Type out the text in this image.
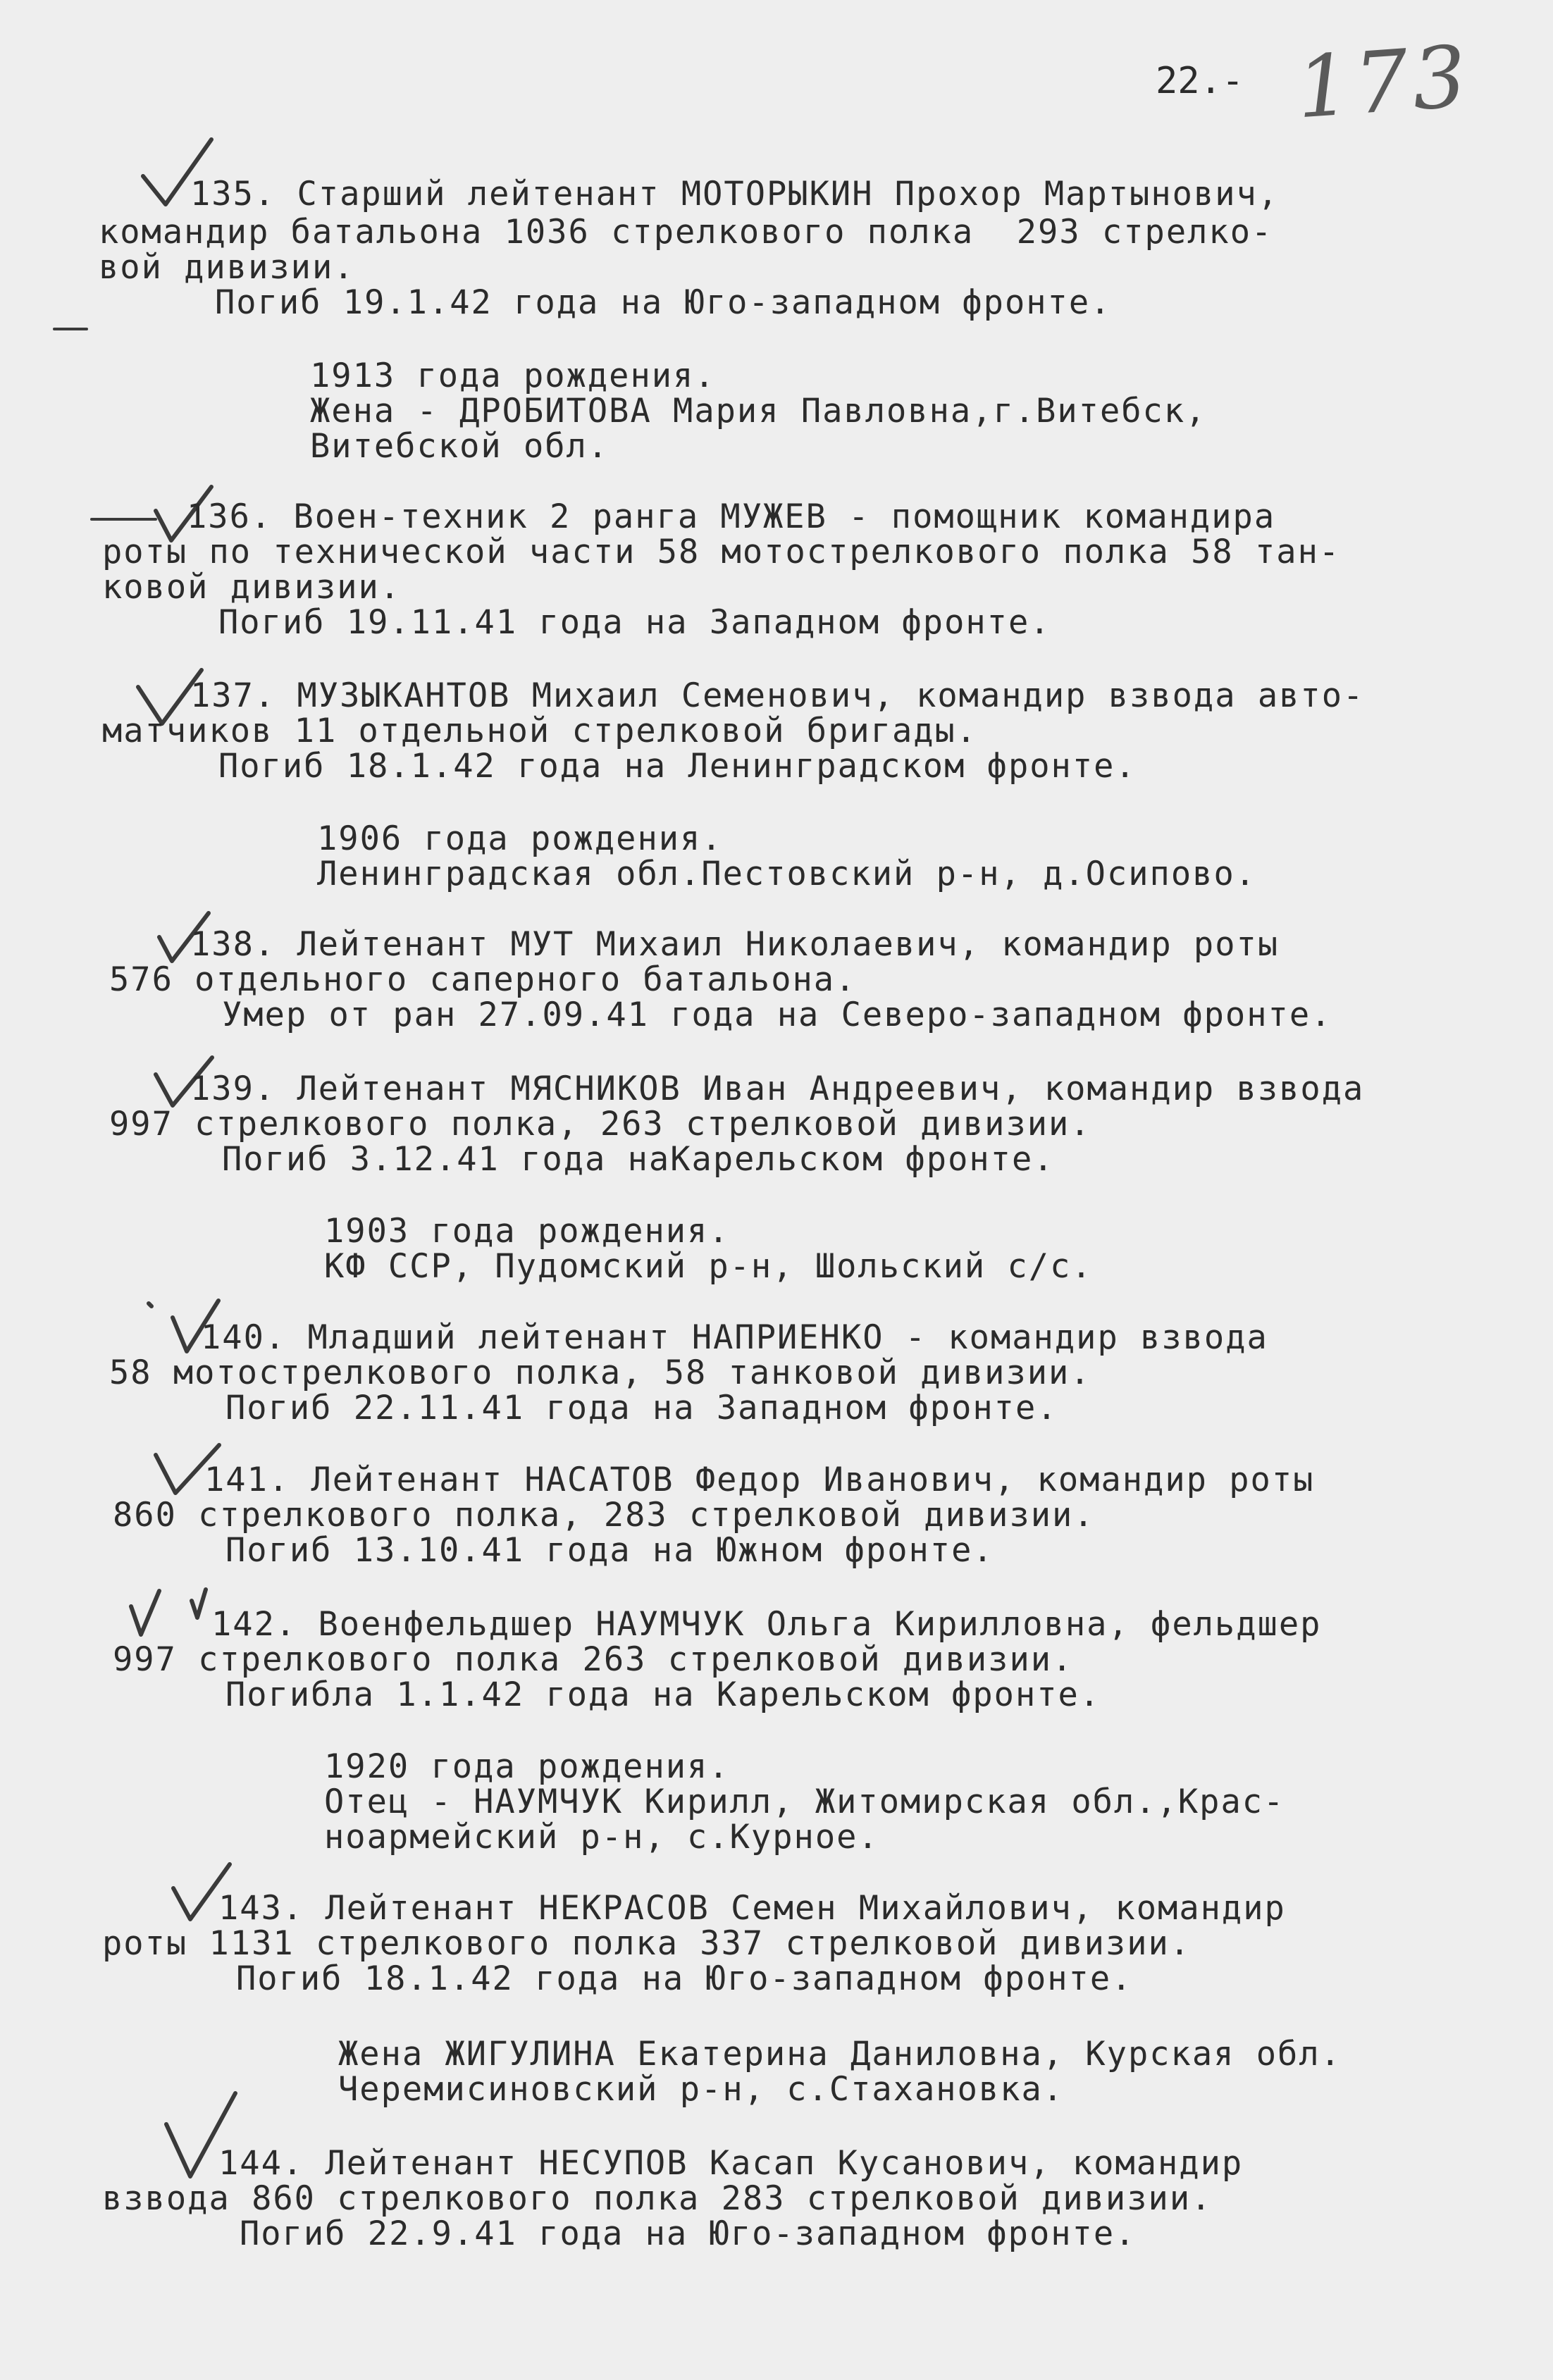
22.- 173
135. Старший лейтенант МОТОРЫКИН Прохор Мартынович,
командир батальона 1036 стрелкового полка  293 стрелко-
вой дивизии.
Погиб 19.1.42 года на Юго-западном фронте.
1913 года рождения.
Жена - ДРОБИТОВА Мария Павловна,г.Витебск,
Витебской обл.
136. Воен-техник 2 ранга МУЖЕВ - помощник командира
роты по технической части 58 мотострелкового полка 58 тан-
ковой дивизии.
Погиб 19.11.41 года на Западном фронте.
137. МУЗЫКАНТОВ Михаил Семенович, командир взвода авто-
матчиков 11 отдельной стрелковой бригады.
Погиб 18.1.42 года на Ленинградском фронте.
1906 года рождения.
Ленинградская обл.Пестовский р-н, д.Осипово.
138. Лейтенант МУТ Михаил Николаевич, командир роты
576 отдельного саперного батальона.
Умер от ран 27.09.41 года на Северо-западном фронте.
139. Лейтенант МЯСНИКОВ Иван Андреевич, командир взвода
997 стрелкового полка, 263 стрелковой дивизии.
Погиб 3.12.41 года наКарельском фронте.
1903 года рождения.
КФ ССР, Пудомский р-н, Шольский с/с.
140. Младший лейтенант НАПРИЕНКО - командир взвода
58 мотострелкового полка, 58 танковой дивизии.
Погиб 22.11.41 года на Западном фронте.
141. Лейтенант НАСАТОВ Федор Иванович, командир роты
860 стрелкового полка, 283 стрелковой дивизии.
Погиб 13.10.41 года на Южном фронте.
142. Военфельдшер НАУМЧУК Ольга Кирилловна, фельдшер
997 стрелкового полка 263 стрелковой дивизии.
Погибла 1.1.42 года на Карельском фронте.
1920 года рождения.
Отец - НАУМЧУК Кирилл, Житомирская обл.,Крас-
ноармейский р-н, с.Курное.
143. Лейтенант НЕКРАСОВ Семен Михайлович, командир
роты 1131 стрелкового полка 337 стрелковой дивизии.
Погиб 18.1.42 года на Юго-западном фронте.
Жена ЖИГУЛИНА Екатерина Даниловна, Курская обл.
Черемисиновский р-н, с.Стахановка.
144. Лейтенант НЕСУПОВ Касап Кусанович, командир
взвода 860 стрелкового полка 283 стрелковой дивизии.
Погиб 22.9.41 года на Юго-западном фронте.
